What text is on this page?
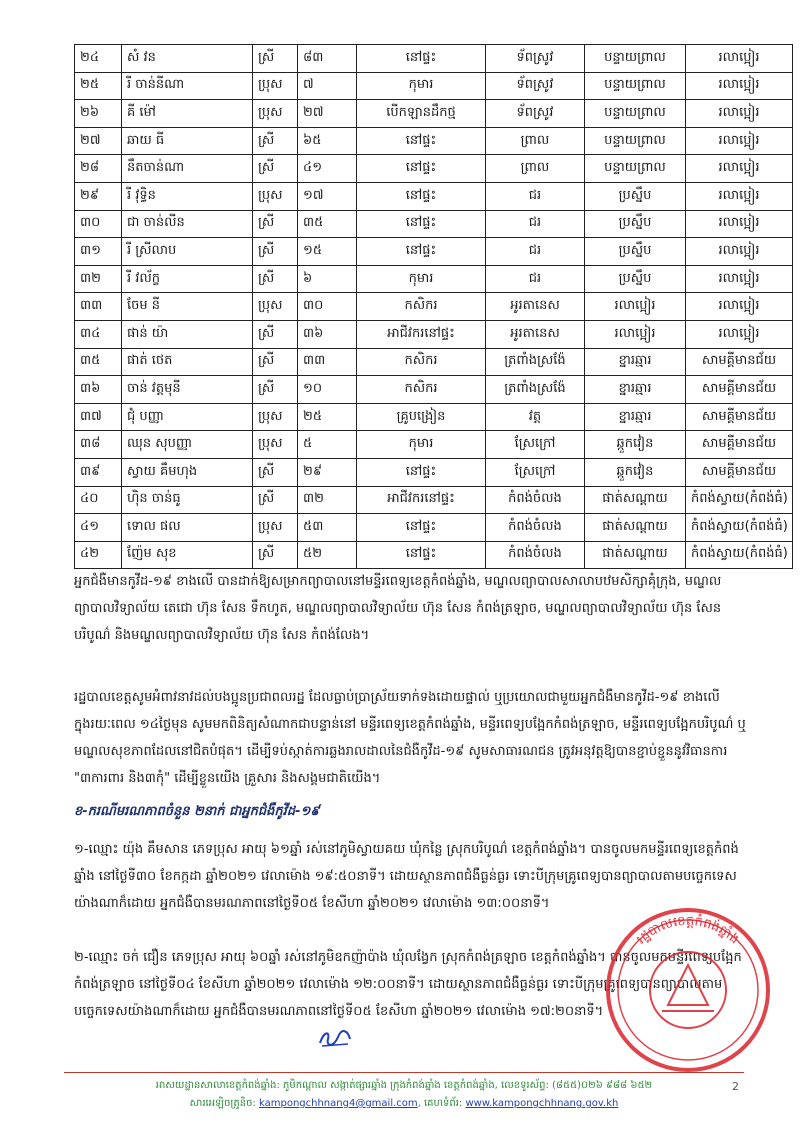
២៤	សំ វន	ស្រី	៨៣	នៅផ្ទះ	ទ័ពស្រូវ	បន្ទាយព្រាល	រលាប្អៀរ
២៥	រី ចាន់នីណា	ប្រុស	៧	កុមារ	ទ័ពស្រូវ	បន្ទាយព្រាល	រលាប្អៀរ
២៦	គី ម៉ៅ	ប្រុស	២៧	បើកឡានដឹកថ្ម	ទ័ពស្រូវ	បន្ទាយព្រាល	រលាប្អៀរ
២៧	ឆាយ ធី	ស្រី	៦៥	នៅផ្ទះ	ព្រាល	បន្ទាយព្រាល	រលាប្អៀរ
២៨	នឹតចាន់ណា	ស្រី	៤១	នៅផ្ទះ	ព្រាល	បន្ទាយព្រាល	រលាប្អៀរ
២៩	រី វុទ្ធិន	ប្រុស	១៧	នៅផ្ទះ	ជរ	ប្រស្នឹប	រលាប្អៀរ
៣០	ជា ចាន់លីន	ស្រី	៣៥	នៅផ្ទះ	ជរ	ប្រស្នឹប	រលាប្អៀរ
៣១	រី ស្រីលាប	ស្រី	១៥	នៅផ្ទះ	ជរ	ប្រស្នឹប	រលាប្អៀរ
៣២	រី វល័ក្ខ	ស្រី	៦	កុមារ	ជរ	ប្រស្នឹប	រលាប្អៀរ
៣៣	ចែម នី	ប្រុស	៣០	កសិករ	អូរតានេស	រលាប្អៀរ	រលាប្អៀរ
៣៤	ផាន់ យ៉ា	ស្រី	៣៦	អាជីវករនៅផ្ទះ	អូរតានេស	រលាប្អៀរ	រលាប្អៀរ
៣៥	ផាត់ ថេត	ស្រី	៣៣	កសិករ	ត្រពាំងស្រង៉ែ	ខ្នារឆ្មារ	សាមគ្គីមានជ័យ
៣៦	ចាន់ វត្តមុនី	ស្រី	១០	កសិករ	ត្រពាំងស្រង៉ែ	ខ្នារឆ្មារ	សាមគ្គីមានជ័យ
៣៧	ជុំ បញ្ញា	ប្រុស	២៥	គ្រូបង្រៀន	វត្ត	ខ្នារឆ្មារ	សាមគ្គីមានជ័យ
៣៨	ឈុន សុបញ្ញា	ប្រុស	៥	កុមារ	ស្រែក្រៅ	ឆ្កួកវៀន	សាមគ្គីមានជ័យ
៣៩	ស្វាយ គឹមហុង	ស្រី	២៩	នៅផ្ទះ	ស្រែក្រៅ	ឆ្កួកវៀន	សាមគ្គីមានជ័យ
៤០	ហ៊ិន ចាន់ធូ	ស្រី	៣២	អាជីវករនៅផ្ទះ	កំពង់ចំលង	ផាត់សណ្តាយ	កំពង់ស្វាយ(កំពង់ធំ)
៤១	ទោល ផល	ប្រុស	៥៣	នៅផ្ទះ	កំពង់ចំលង	ផាត់សណ្តាយ	កំពង់ស្វាយ(កំពង់ធំ)
៤២	ញ៉ែម សុខ	ស្រី	៥២	នៅផ្ទះ	កំពង់ចំលង	ផាត់សណ្តាយ	កំពង់ស្វាយ(កំពង់ធំ)
អ្នកជំងឺមានកូវីដ-១៩ ខាងលើ បានដាក់ឱ្យសម្រាកព្យាបាលនៅមន្ទីរពេទ្យខេត្តកំពង់ឆ្នាំង, មណ្ឌលព្យាបាលសាលាបឋមសិក្សាគុំក្រុង, មណ្ឌលព្យាបាលវិទ្យាល័យ តេជោ ហ៊ុន សែន ទឹកហូត, មណ្ឌលព្យាបាលវិទ្យាល័យ ហ៊ុន សែន កំពង់ត្រឡាច, មណ្ឌលព្យាបាលវិទ្យាល័យ ហ៊ុន សែន បរិបូណ៌ និងមណ្ឌលព្យាបាលវិទ្យាល័យ ហ៊ុន សែន កំពង់លែង។
រដ្ឋបាលខេត្តសូមអំពាវនាវដល់បងប្អូនប្រជាពលរដ្ឋ ដែលធ្លាប់ប្រាស្រ័យទាក់ទងដោយផ្ទាល់ ឬប្រយោលជាមួយអ្នកជំងឺមានកូវីដ-១៩ ខាងលើ ក្នុងរយៈពេល ១៤ថ្ងៃមុន សូមមកពិនិត្យសំណាកជាបន្ទាន់នៅ មន្ទីរពេទ្យខេត្តកំពង់ឆ្នាំង, មន្ទីរពេទ្យបង្អែកកំពង់ត្រឡាច, មន្ទីរពេទ្យបង្អែកបរិបូណ៌ ឬមណ្ឌលសុខភាពដែលនៅជិតបំផុត។ ដើម្បីទប់ស្កាត់ការឆ្លងរាលដាលនៃជំងឺកូវីដ-១៩ សូមសាធារណជន ត្រូវអនុវត្តឱ្យបានខ្ជាប់ខ្ជួននូវវិធានការ "៣ការពារ និង៣កុំ" ដើម្បីខ្លួនយើង គ្រួសារ និងសង្គមជាតិយើង។
ខ-ករណីមរណភាពចំនួន ២នាក់ ជាអ្នកជំងឺកូវីដ-១៩
១-ឈ្មោះ យ៉ុង គឹមសាន ភេទប្រុស អាយុ ៦១ឆ្នាំ រស់នៅភូមិស្វាយគយ ឃុំកន្លៃ ស្រុកបរិបូណ៌ ខេត្តកំពង់ឆ្នាំង។ បានចូលមកមន្ទីរពេទ្យខេត្តកំពង់ឆ្នាំង នៅថ្ងៃទី៣០ ខែកក្កដា ឆ្នាំ២០២១ វេលាម៉ោង ១៩:៥០នាទី។ ដោយស្ថានភាពជំងឺធ្ងន់ធ្ងរ ទោះបីក្រុមគ្រូពេទ្យបានព្យាបាលតាមបច្ចេកទេសយ៉ាងណាក៏ដោយ អ្នកជំងឺបានមរណភាពនៅថ្ងៃទី០៥ ខែសីហា ឆ្នាំ២០២១ វេលាម៉ោង ១៣:០០នាទី។
២-ឈ្មោះ ចក់ ជឿន ភេទប្រុស អាយុ ៦០ឆ្នាំ រស់នៅភូមិឧកញ៉ាប៉ាង ឃុំលង្វែក ស្រុកកំពង់ត្រឡាច ខេត្តកំពង់ឆ្នាំង។ បានចូលមកមន្ទីរពេទ្យបង្អែកកំពង់ត្រឡាច នៅថ្ងៃទី០៤ ខែសីហា ឆ្នាំ២០២១ វេលាម៉ោង ១២:០០នាទី។ ដោយស្ថានភាពជំងឺធ្ងន់ធ្ងរ ទោះបីក្រុមគ្រូពេទ្យបានព្យាបាលតាមបច្ចេកទេសយ៉ាងណាក៏ដោយ អ្នកជំងឺបានមរណភាពនៅថ្ងៃទី០៥ ខែសីហា ឆ្នាំ២០២១ វេលាម៉ោង ១៧:២០នាទី។
រដ្ឋបាលខេត្តកំពង់ឆ្នាំង
អាសយដ្ឋានសាលាខេត្តកំពង់ឆ្នាំង: ភូមិកណ្ដាល សង្កាត់ផ្សារឆ្នាំង ក្រុងកំពង់ឆ្នាំង ខេត្តកំពង់ឆ្នាំង, លេខទូរស័ព្ទ: (៨៥៥)០២៦ ៩៨៨ ៦៥២
សារអេឡិចត្រូនិច: kampongchhnang4@gmail.com, គេហទំព័រ: www.kampongchhnang.gov.kh
2
